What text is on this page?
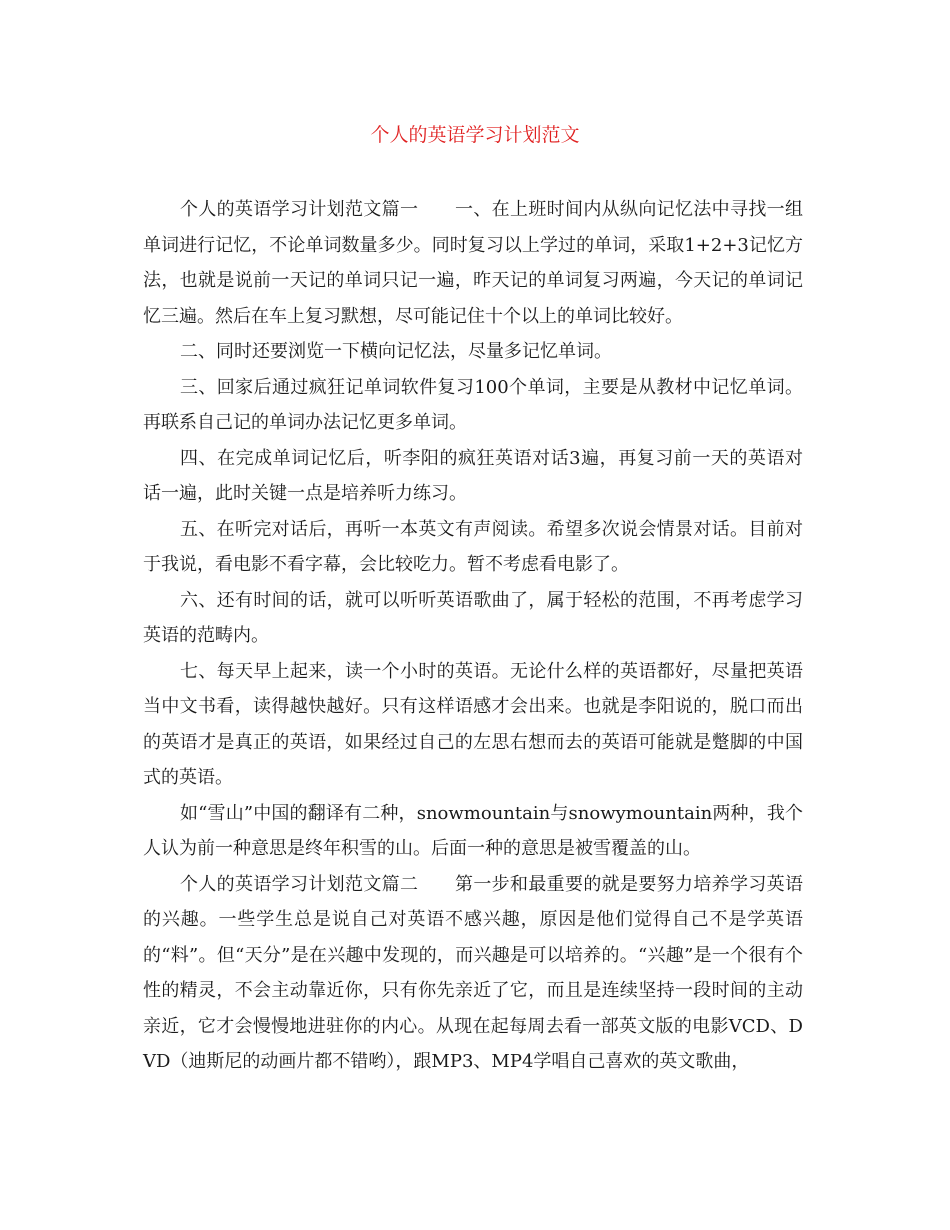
个人的英语学习计划范文

个人的英语学习计划范文篇一　　一、在上班时间内从纵向记忆法中寻找一组单词进行记忆，不论单词数量多少。同时复习以上学过的单词，采取1+2+3记忆方法，也就是说前一天记的单词只记一遍，昨天记的单词复习两遍，今天记的单词记忆三遍。然后在车上复习默想，尽可能记住十个以上的单词比较好。

二、同时还要浏览一下横向记忆法，尽量多记忆单词。

三、回家后通过疯狂记单词软件复习100个单词，主要是从教材中记忆单词。再联系自己记的单词办法记忆更多单词。

四、在完成单词记忆后，听李阳的疯狂英语对话3遍，再复习前一天的英语对话一遍，此时关键一点是培养听力练习。

五、在听完对话后，再听一本英文有声阅读。希望多次说会情景对话。目前对于我说，看电影不看字幕，会比较吃力。暂不考虑看电影了。

六、还有时间的话，就可以听听英语歌曲了，属于轻松的范围，不再考虑学习英语的范畴内。

七、每天早上起来，读一个小时的英语。无论什么样的英语都好，尽量把英语当中文书看，读得越快越好。只有这样语感才会出来。也就是李阳说的，脱口而出的英语才是真正的英语，如果经过自己的左思右想而去的英语可能就是蹩脚的中国式的英语。

如“雪山”中国的翻译有二种，snowmountain与snowymountain两种，我个人认为前一种意思是终年积雪的山。后面一种的意思是被雪覆盖的山。

个人的英语学习计划范文篇二　　第一步和最重要的就是要努力培养学习英语的兴趣。一些学生总是说自己对英语不感兴趣，原因是他们觉得自己不是学英语的“料”。但“天分”是在兴趣中发现的，而兴趣是可以培养的。“兴趣”是一个很有个性的精灵，不会主动靠近你，只有你先亲近了它，而且是连续坚持一段时间的主动亲近，它才会慢慢地进驻你的内心。从现在起每周去看一部英文版的电影VCD、DVD（迪斯尼的动画片都不错哟），跟MP3、MP4学唱自己喜欢的英文歌曲，
